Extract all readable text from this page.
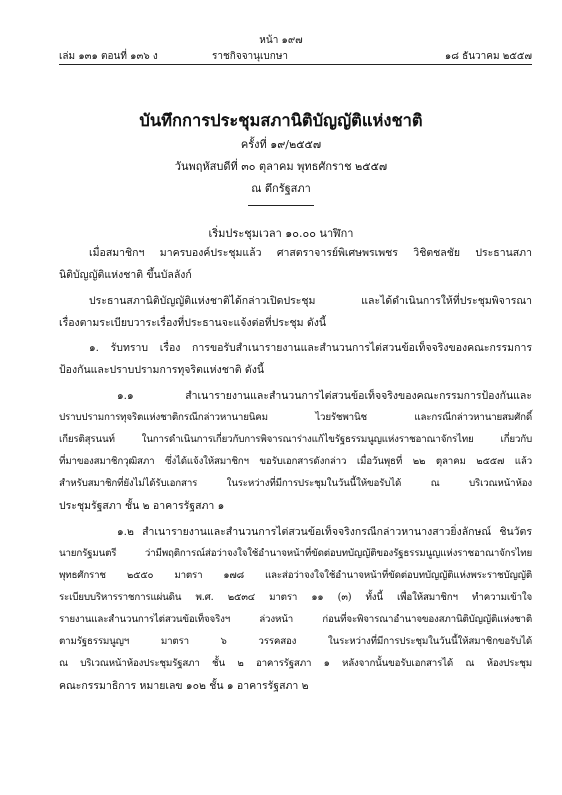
หน้า ๑๙๗
เล่ม ๑๓๑ ตอนที่ ๑๓๖ ง	ราชกิจจานุเบกษา	๑๘ ธันวาคม ๒๕๕๗
บันทึกการประชุมสภานิติบัญญัติแห่งชาติ
ครั้งที่ ๑๙/๒๕๕๗
วันพฤหัสบดีที่ ๓๐ ตุลาคม พุทธศักราช ๒๕๕๗
ณ ตึกรัฐสภา
เริ่มประชุมเวลา ๑๐.๐๐ นาฬิกา
เมื่อสมาชิกฯ มาครบองค์ประชุมแล้ว ศาสตราจารย์พิเศษพรเพชร วิชิตชลชัย ประธานสภา
นิติบัญญัติแห่งชาติ ขึ้นบัลลังก์
ประธานสภานิติบัญญัติแห่งชาติได้กล่าวเปิดประชุม และได้ดำเนินการให้ที่ประชุมพิจารณา
เรื่องตามระเบียบวาระเรื่องที่ประธานจะแจ้งต่อที่ประชุม ดังนี้
๑. รับทราบ เรื่อง การขอรับสำเนารายงานและสำนวนการไต่สวนข้อเท็จจริงของคณะกรรมการ
ป้องกันและปราบปรามการทุจริตแห่งชาติ ดังนี้
๑.๑ สำเนารายงานและสำนวนการไต่สวนข้อเท็จจริงของคณะกรรมการป้องกันและ
ปราบปรามการทุจริตแห่งชาติกรณีกล่าวหานายนิคม ไวยรัชพานิช และกรณีกล่าวหานายสมศักดิ์
เกียรติสุรนนท์ ในการดำเนินการเกี่ยวกับการพิจารณาร่างแก้ไขรัฐธรรมนูญแห่งราชอาณาจักรไทย เกี่ยวกับ
ที่มาของสมาชิกวุฒิสภา ซึ่งได้แจ้งให้สมาชิกฯ ขอรับเอกสารดังกล่าว เมื่อวันพุธที่ ๒๒ ตุลาคม ๒๕๕๗ แล้ว
สำหรับสมาชิกที่ยังไม่ได้รับเอกสาร ในระหว่างที่มีการประชุมในวันนี้ให้ขอรับได้ ณ บริเวณหน้าห้อง
ประชุมรัฐสภา ชั้น ๒ อาคารรัฐสภา ๑
๑.๒ สำเนารายงานและสำนวนการไต่สวนข้อเท็จจริงกรณีกล่าวหานางสาวยิ่งลักษณ์ ชินวัตร
นายกรัฐมนตรี ว่ามีพฤติการณ์ส่อว่าจงใจใช้อำนาจหน้าที่ขัดต่อบทบัญญัติของรัฐธรรมนูญแห่งราชอาณาจักรไทย
พุทธศักราช ๒๕๕๐ มาตรา ๑๗๘ และส่อว่าจงใจใช้อำนาจหน้าที่ขัดต่อบทบัญญัติแห่งพระราชบัญญัติ
ระเบียบบริหารราชการแผ่นดิน พ.ศ. ๒๕๓๔ มาตรา ๑๑ (๓) ทั้งนี้ เพื่อให้สมาชิกฯ ทำความเข้าใจ
รายงานและสำนวนการไต่สวนข้อเท็จจริงฯ ล่วงหน้า ก่อนที่จะพิจารณาอำนาจของสภานิติบัญญัติแห่งชาติ
ตามรัฐธรรมนูญฯ มาตรา ๖ วรรคสอง ในระหว่างที่มีการประชุมในวันนี้ให้สมาชิกขอรับได้
ณ บริเวณหน้าห้องประชุมรัฐสภา ชั้น ๒ อาคารรัฐสภา ๑ หลังจากนั้นขอรับเอกสารได้ ณ ห้องประชุม
คณะกรรมาธิการ หมายเลข ๑๐๒ ชั้น ๑ อาคารรัฐสภา ๒
